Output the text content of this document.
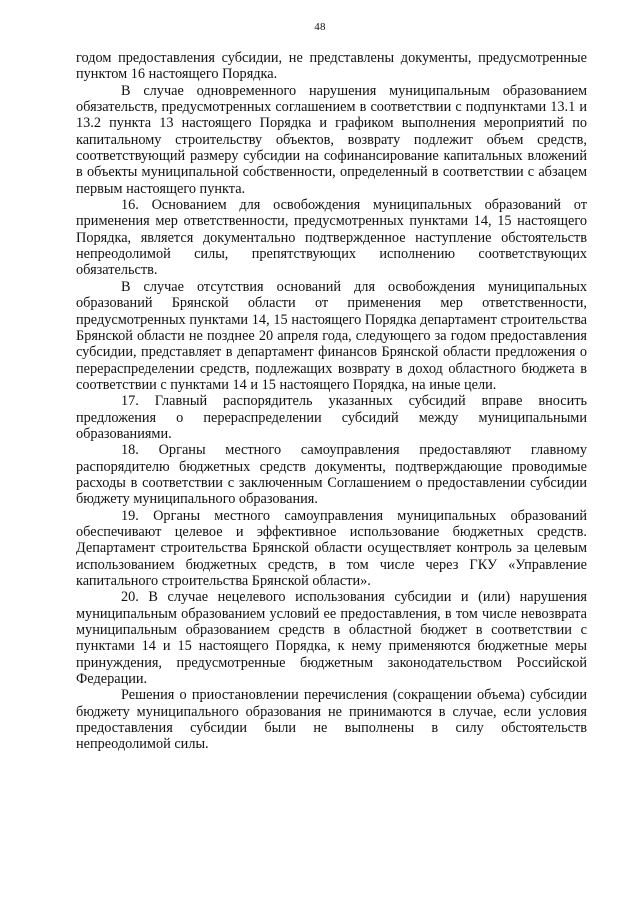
48

годом предоставления субсидии, не представлены документы, предусмотренные пунктом 16 настоящего Порядка.

В случае одновременного нарушения муниципальным образованием обязательств, предусмотренных соглашением в соответствии с подпунктами 13.1 и 13.2 пункта 13 настоящего Порядка и графиком выполнения мероприятий по капитальному строительству объектов, возврату подлежит объем средств, соответствующий размеру субсидии на софинансирование капитальных вложений в объекты муниципальной собственности, определенный в соответствии с абзацем первым настоящего пункта.

16. Основанием для освобождения муниципальных образований от применения мер ответственности, предусмотренных пунктами 14, 15 настоящего Порядка, является документально подтвержденное наступление обстоятельств непреодолимой силы, препятствующих исполнению соответствующих обязательств.

В случае отсутствия оснований для освобождения муниципальных образований Брянской области от применения мер ответственности, предусмотренных пунктами 14, 15 настоящего Порядка департамент строительства Брянской области не позднее 20 апреля года, следующего за годом предоставления субсидии, представляет в департамент финансов Брянской области предложения о перераспределении средств, подлежащих возврату в доход областного бюджета в соответствии с пунктами 14 и 15 настоящего Порядка, на иные цели.

17. Главный распорядитель указанных субсидий вправе вносить предложения о перераспределении субсидий между муниципальными образованиями.

18. Органы местного самоуправления предоставляют главному распорядителю бюджетных средств документы, подтверждающие проводимые расходы в соответствии с заключенным Соглашением о предоставлении субсидии бюджету муниципального образования.

19. Органы местного самоуправления муниципальных образований обеспечивают целевое и эффективное использование бюджетных средств. Департамент строительства Брянской области осуществляет контроль за целевым использованием бюджетных средств, в том числе через ГКУ «Управление капитального строительства Брянской области».

20. В случае нецелевого использования субсидии и (или) нарушения муниципальным образованием условий ее предоставления, в том числе невозврата муниципальным образованием средств в областной бюджет в соответствии с пунктами 14 и 15 настоящего Порядка, к нему применяются бюджетные меры принуждения, предусмотренные бюджетным законодательством Российской Федерации.

Решения о приостановлении перечисления (сокращении объема) субсидии бюджету муниципального образования не принимаются в случае, если условия предоставления субсидии были не выполнены в силу обстоятельств непреодолимой силы.
